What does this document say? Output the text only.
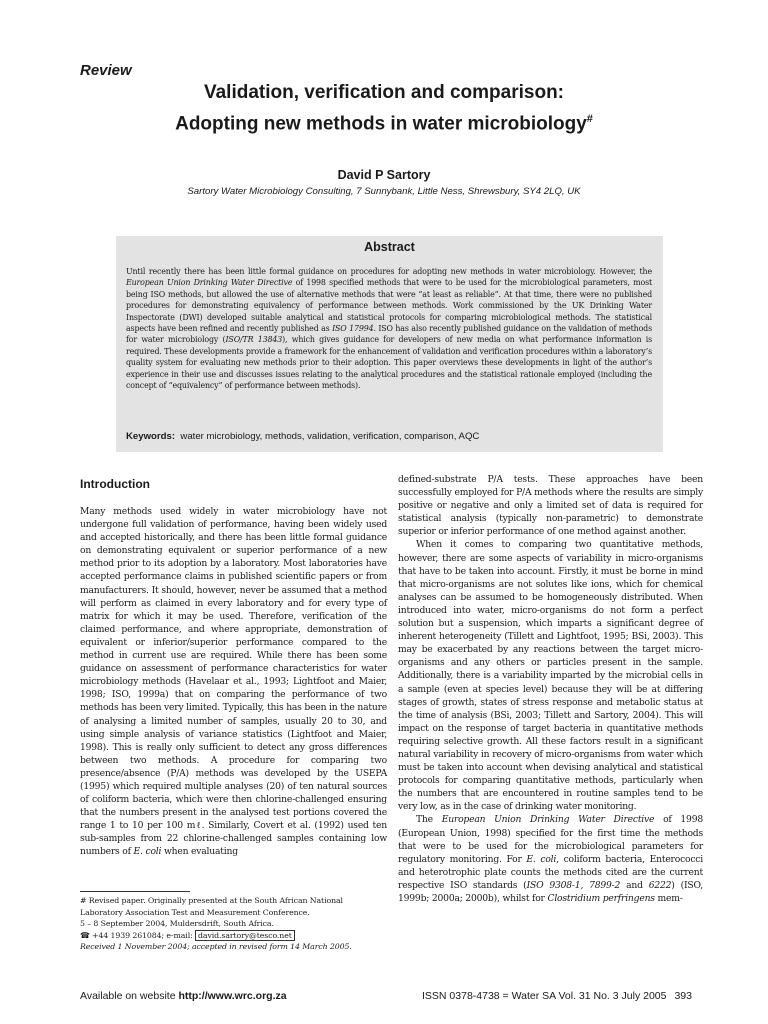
Review
Validation, verification and comparison:
Adopting new methods in water microbiology#
David P Sartory
Sartory Water Microbiology Consulting, 7 Sunnybank, Little Ness, Shrewsbury, SY4 2LQ, UK
Abstract
Until recently there has been little formal guidance on procedures for adopting new methods in water microbiology. However, the European Union Drinking Water Directive of 1998 specified methods that were to be used for the microbiological parameters, most being ISO methods, but allowed the use of alternative methods that were “at least as reliable”. At that time, there were no published procedures for demonstrating equivalency of performance between methods. Work commissioned by the UK Drinking Water Inspectorate (DWI) developed suitable analytical and statistical protocols for comparing microbiological methods. The statistical aspects have been refined and recently published as ISO 17994. ISO has also recently published guidance on the validation of methods for water microbiology (ISO/TR 13843), which gives guidance for developers of new media on what performance information is required. These developments provide a framework for the enhancement of validation and verification procedures within a laboratory’s quality system for evaluating new methods prior to their adoption. This paper overviews these developments in light of the author’s experience in their use and discusses issues relating to the analytical procedures and the statistical rationale employed (including the concept of “equivalency” of performance between methods).
Keywords: water microbiology, methods, validation, verification, comparison, AQC
Introduction

Many methods used widely in water microbiology have not undergone full validation of performance, having been widely used and accepted historically, and there has been little formal guidance on demonstrating equivalent or superior performance of a new method prior to its adoption by a laboratory. Most laboratories have accepted performance claims in published scientific papers or from manufacturers. It should, however, never be assumed that a method will perform as claimed in every laboratory and for every type of matrix for which it may be used. Therefore, verification of the claimed performance, and where appropriate, demonstration of equivalent or inferior/superior performance compared to the method in current use are required. While there has been some guidance on assessment of performance characteristics for water microbiology methods (Havelaar et al., 1993; Lightfoot and Maier, 1998; ISO, 1999a) that on comparing the performance of two methods has been very limited. Typically, this has been in the nature of analysing a limited number of samples, usually 20 to 30, and using simple analysis of variance statistics (Lightfoot and Maier, 1998). This is really only sufficient to detect any gross differences between two methods. A procedure for comparing two presence/absence (P/A) methods was developed by the USEPA (1995) which required multiple analyses (20) of ten natural sources of coliform bacteria, which were then chlorine-challenged ensuring that the numbers present in the analysed test portions covered the range 1 to 10 per 100 mℓ. Similarly, Covert et al. (1992) used ten sub-samples from 22 chlorine-challenged samples containing low numbers of E. coli when evaluating

defined-substrate P/A tests. These approaches have been successfully employed for P/A methods where the results are simply positive or negative and only a limited set of data is required for statistical analysis (typically non-parametric) to demonstrate superior or inferior performance of one method against another.

When it comes to comparing two quantitative methods, however, there are some aspects of variability in micro-organisms that have to be taken into account. Firstly, it must be borne in mind that micro-organisms are not solutes like ions, which for chemical analyses can be assumed to be homogeneously distributed. When introduced into water, micro-organisms do not form a perfect solution but a suspension, which imparts a significant degree of inherent heterogeneity (Tillett and Lightfoot, 1995; BSi, 2003). This may be exacerbated by any reactions between the target micro-organisms and any others or particles present in the sample. Additionally, there is a variability imparted by the microbial cells in a sample (even at species level) because they will be at differing stages of growth, states of stress response and metabolic status at the time of analysis (BSi, 2003; Tillett and Sartory, 2004). This will impact on the response of target bacteria in quantitative methods requiring selective growth. All these factors result in a significant natural variability in recovery of micro-organisms from water which must be taken into account when devising analytical and statistical protocols for comparing quantitative methods, particularly when the numbers that are encountered in routine samples tend to be very low, as in the case of drinking water monitoring.

The European Union Drinking Water Directive of 1998 (European Union, 1998) specified for the first time the methods that were to be used for the microbiological parameters for regulatory monitoring. For E. coli, coliform bacteria, Enterococci and heterotrophic plate counts the methods cited are the current respective ISO standards (ISO 9308-1, 7899-2 and 6222) (ISO, 1999b; 2000a; 2000b), whilst for Clostridium perfringens mem-

# Revised paper. Originally presented at the South African National Laboratory Association Test and Measurement Conference.
5 – 8 September 2004, Muldersdrift, South Africa.
☎ +44 1939 261084; e-mail: david.sartory@tesco.net
Received 1 November 2004; accepted in revised form 14 March 2005.
Available on website http://www.wrc.org.za	ISSN 0378-4738 = Water SA Vol. 31 No. 3 July 2005 393
